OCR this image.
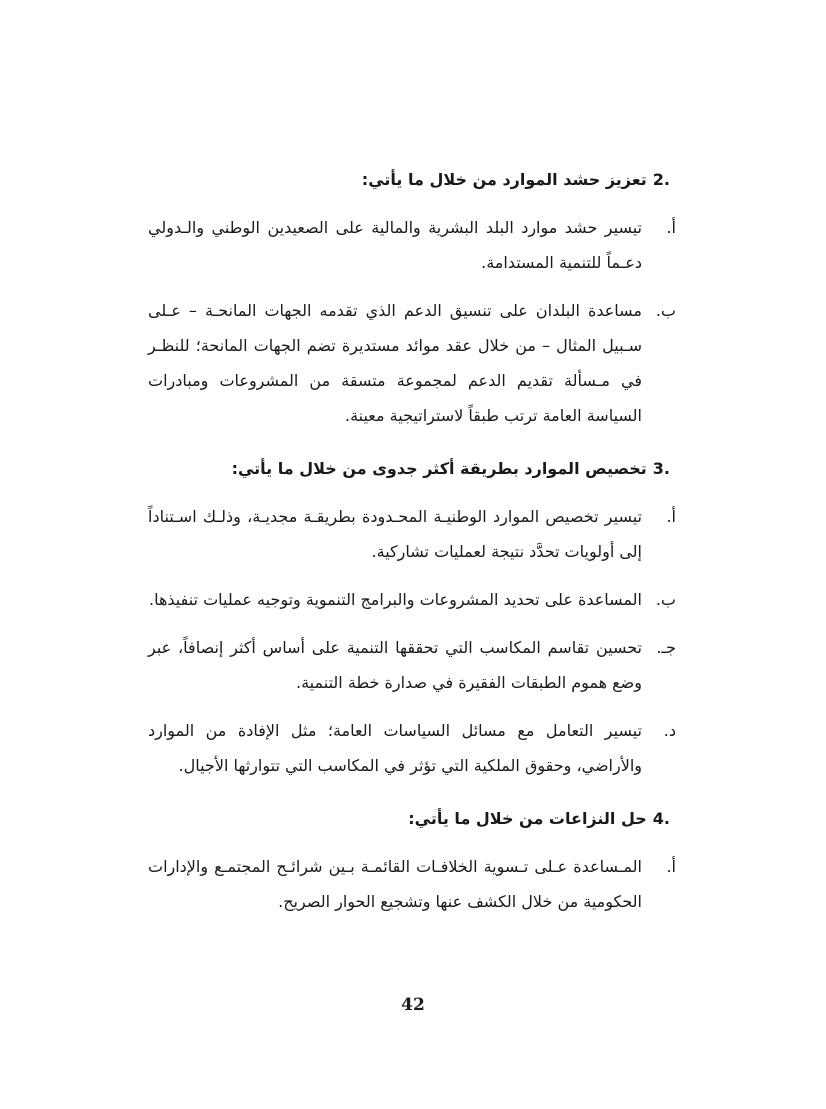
2.تعزيز حشد الموارد من خلال ما يأتي:
أ.
تيسير حشد موارد البلد البشرية والمالية على الصعيدين الوطني والـدولي دعـماً للتنمية المستدامة.
ب.
مساعدة البلدان على تنسيق الدعم الذي تقدمه الجهات المانحـة – عـلى سـبيل المثال – من خلال عقد موائد مستديرة تضم الجهات المانحة؛ للنظـر في مـسألة تقديم الدعم لمجموعة متسقة من المشروعات ومبادرات السياسة العامة ترتب طبقاً لاستراتيجية معينة.
3.تخصيص الموارد بطريقة أكثر جدوى من خلال ما يأتي:
أ.
تيسير تخصيص الموارد الوطنيـة المحـدودة بطريقـة مجديـة، وذلـك اسـتناداً إلى أولويات تحدَّد نتيجة لعمليات تشاركية.
ب.
المساعدة على تحديد المشروعات والبرامج التنموية وتوجيه عمليات تنفيذها.
جـ.
تحسين تقاسم المكاسب التي تحققها التنمية على أساس أكثر إنصافاً، عبر وضع هموم الطبقات الفقيرة في صدارة خطة التنمية.
د.
تيسير التعامل مع مسائل السياسات العامة؛ مثل الإفادة من الموارد والأراضي، وحقوق الملكية التي تؤثر في المكاسب التي تتوارثها الأجيال.
4.حل النزاعات من خلال ما يأتي:
أ.
المـساعدة عـلى تـسوية الخلافـات القائمـة بـين شرائـح المجتمـع والإدارات الحكومية من خلال الكشف عنها وتشجيع الحوار الصريح.
42
